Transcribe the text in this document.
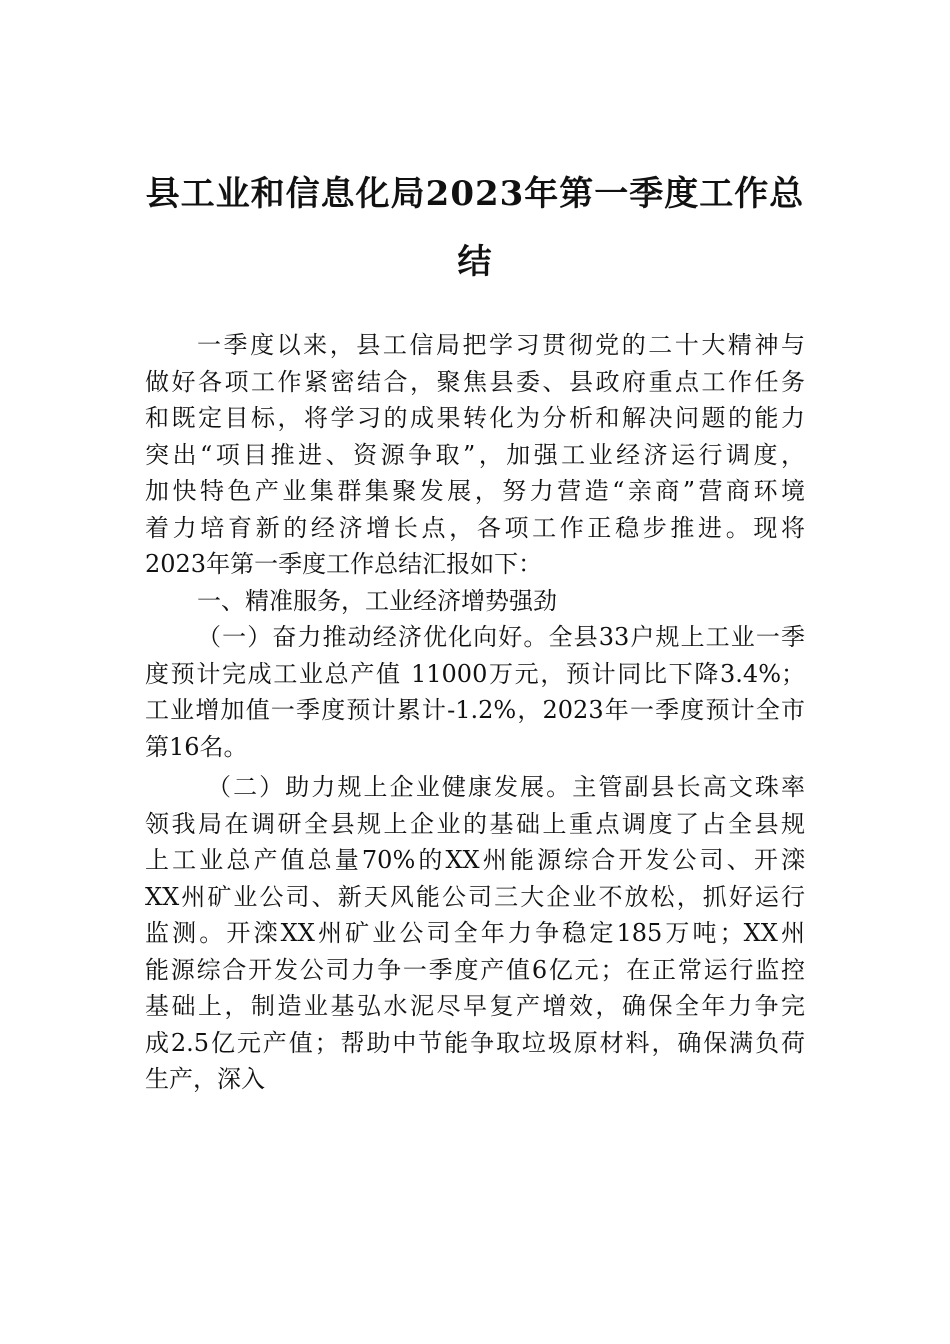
县工业和信息化局2023年第一季度工作总
结
一季度以来，县工信局把学习贯彻党的二十大精神与
做好各项工作紧密结合，聚焦县委、县政府重点工作任务
和既定目标，将学习的成果转化为分析和解决问题的能力
突出“项目推进、资源争取”，加强工业经济运行调度，
加快特色产业集群集聚发展，努力营造“亲商”营商环境
着力培育新的经济增长点，各项工作正稳步推进。现将
2023年第一季度工作总结汇报如下：
一、精准服务，工业经济增势强劲
（一）奋力推动经济优化向好。全县33户规上工业一季
度预计完成工业总产值 11000万元，预计同比下降3.4%；
工业增加值一季度预计累计-1.2%，2023年一季度预计全市
第16名。
（二）助力规上企业健康发展。主管副县长高文珠率
领我局在调研全县规上企业的基础上重点调度了占全县规
上工业总产值总量70%的XX州能源综合开发公司、开滦
XX州矿业公司、新天风能公司三大企业不放松，抓好运行
监测。开滦XX州矿业公司全年力争稳定185万吨；XX州
能源综合开发公司力争一季度产值6亿元；在正常运行监控
基础上，制造业基弘水泥尽早复产增效，确保全年力争完
成2.5亿元产值；帮助中节能争取垃圾原材料，确保满负荷
生产，深入
